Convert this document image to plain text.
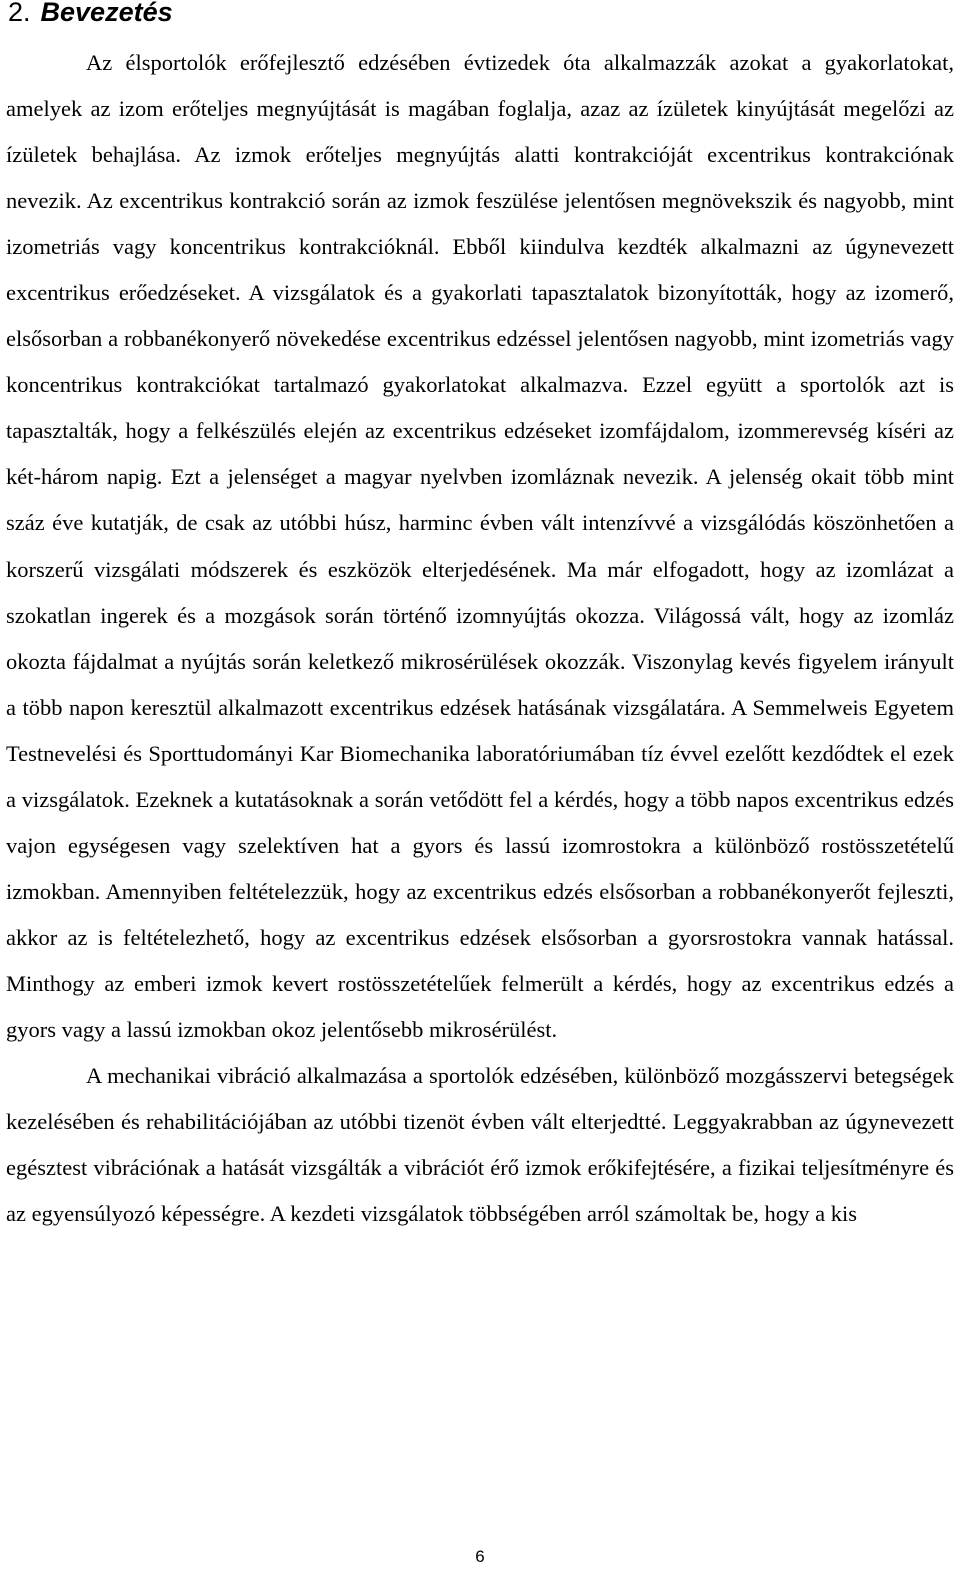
2. Bevezetés

Az élsportolók erőfejlesztő edzésében évtizedek óta alkalmazzák azokat a gyakorlatokat, amelyek az izom erőteljes megnyújtását is magában foglalja, azaz az ízületek kinyújtását megelőzi az ízületek behajlása. Az izmok erőteljes megnyújtás alatti kontrakcióját excentrikus kontrakciónak nevezik. Az excentrikus kontrakció során az izmok feszülése jelentősen megnövekszik és nagyobb, mint izometriás vagy koncentrikus kontrakcióknál. Ebből kiindulva kezdték alkalmazni az úgynevezett excentrikus erőedzéseket. A vizsgálatok és a gyakorlati tapasztalatok bizonyították, hogy az izomerő, elsősorban a robbanékonyerő növekedése excentrikus edzéssel jelentősen nagyobb, mint izometriás vagy koncentrikus kontrakciókat tartalmazó gyakorlatokat alkalmazva. Ezzel együtt a sportolók azt is tapasztalták, hogy a felkészülés elején az excentrikus edzéseket izomfájdalom, izommerevség kíséri az két-három napig. Ezt a jelenséget a magyar nyelvben izomláznak nevezik. A jelenség okait több mint száz éve kutatják, de csak az utóbbi húsz, harminc évben vált intenzívvé a vizsgálódás köszönhetően a korszerű vizsgálati módszerek és eszközök elterjedésének. Ma már elfogadott, hogy az izomlázat a szokatlan ingerek és a mozgások során történő izomnyújtás okozza. Világossá vált, hogy az izomláz okozta fájdalmat a nyújtás során keletkező mikrosérülések okozzák. Viszonylag kevés figyelem irányult a több napon keresztül alkalmazott excentrikus edzések hatásának vizsgálatára. A Semmelweis Egyetem Testnevelési és Sporttudományi Kar Biomechanika laboratóriumában tíz évvel ezelőtt kezdődtek el ezek a vizsgálatok. Ezeknek a kutatásoknak a során vetődött fel a kérdés, hogy a több napos excentrikus edzés vajon egységesen vagy szelektíven hat a gyors és lassú izomrostokra a különböző rostösszetételű izmokban. Amennyiben feltételezzük, hogy az excentrikus edzés elsősorban a robbanékonyerőt fejleszti, akkor az is feltételezhető, hogy az excentrikus edzések elsősorban a gyorsrostokra vannak hatással. Minthogy az emberi izmok kevert rostösszetételűek felmerült a kérdés, hogy az excentrikus edzés a gyors vagy a lassú izmokban okoz jelentősebb mikrosérülést.

A mechanikai vibráció alkalmazása a sportolók edzésében, különböző mozgásszervi betegségek kezelésében és rehabilitációjában az utóbbi tizenöt évben vált elterjedtté. Leggyakrabban az úgynevezett egésztest vibrációnak a hatását vizsgálták a vibrációt érő izmok erőkifejtésére, a fizikai teljesítményre és az egyensúlyozó képességre. A kezdeti vizsgálatok többségében arról számoltak be, hogy a kis

6
